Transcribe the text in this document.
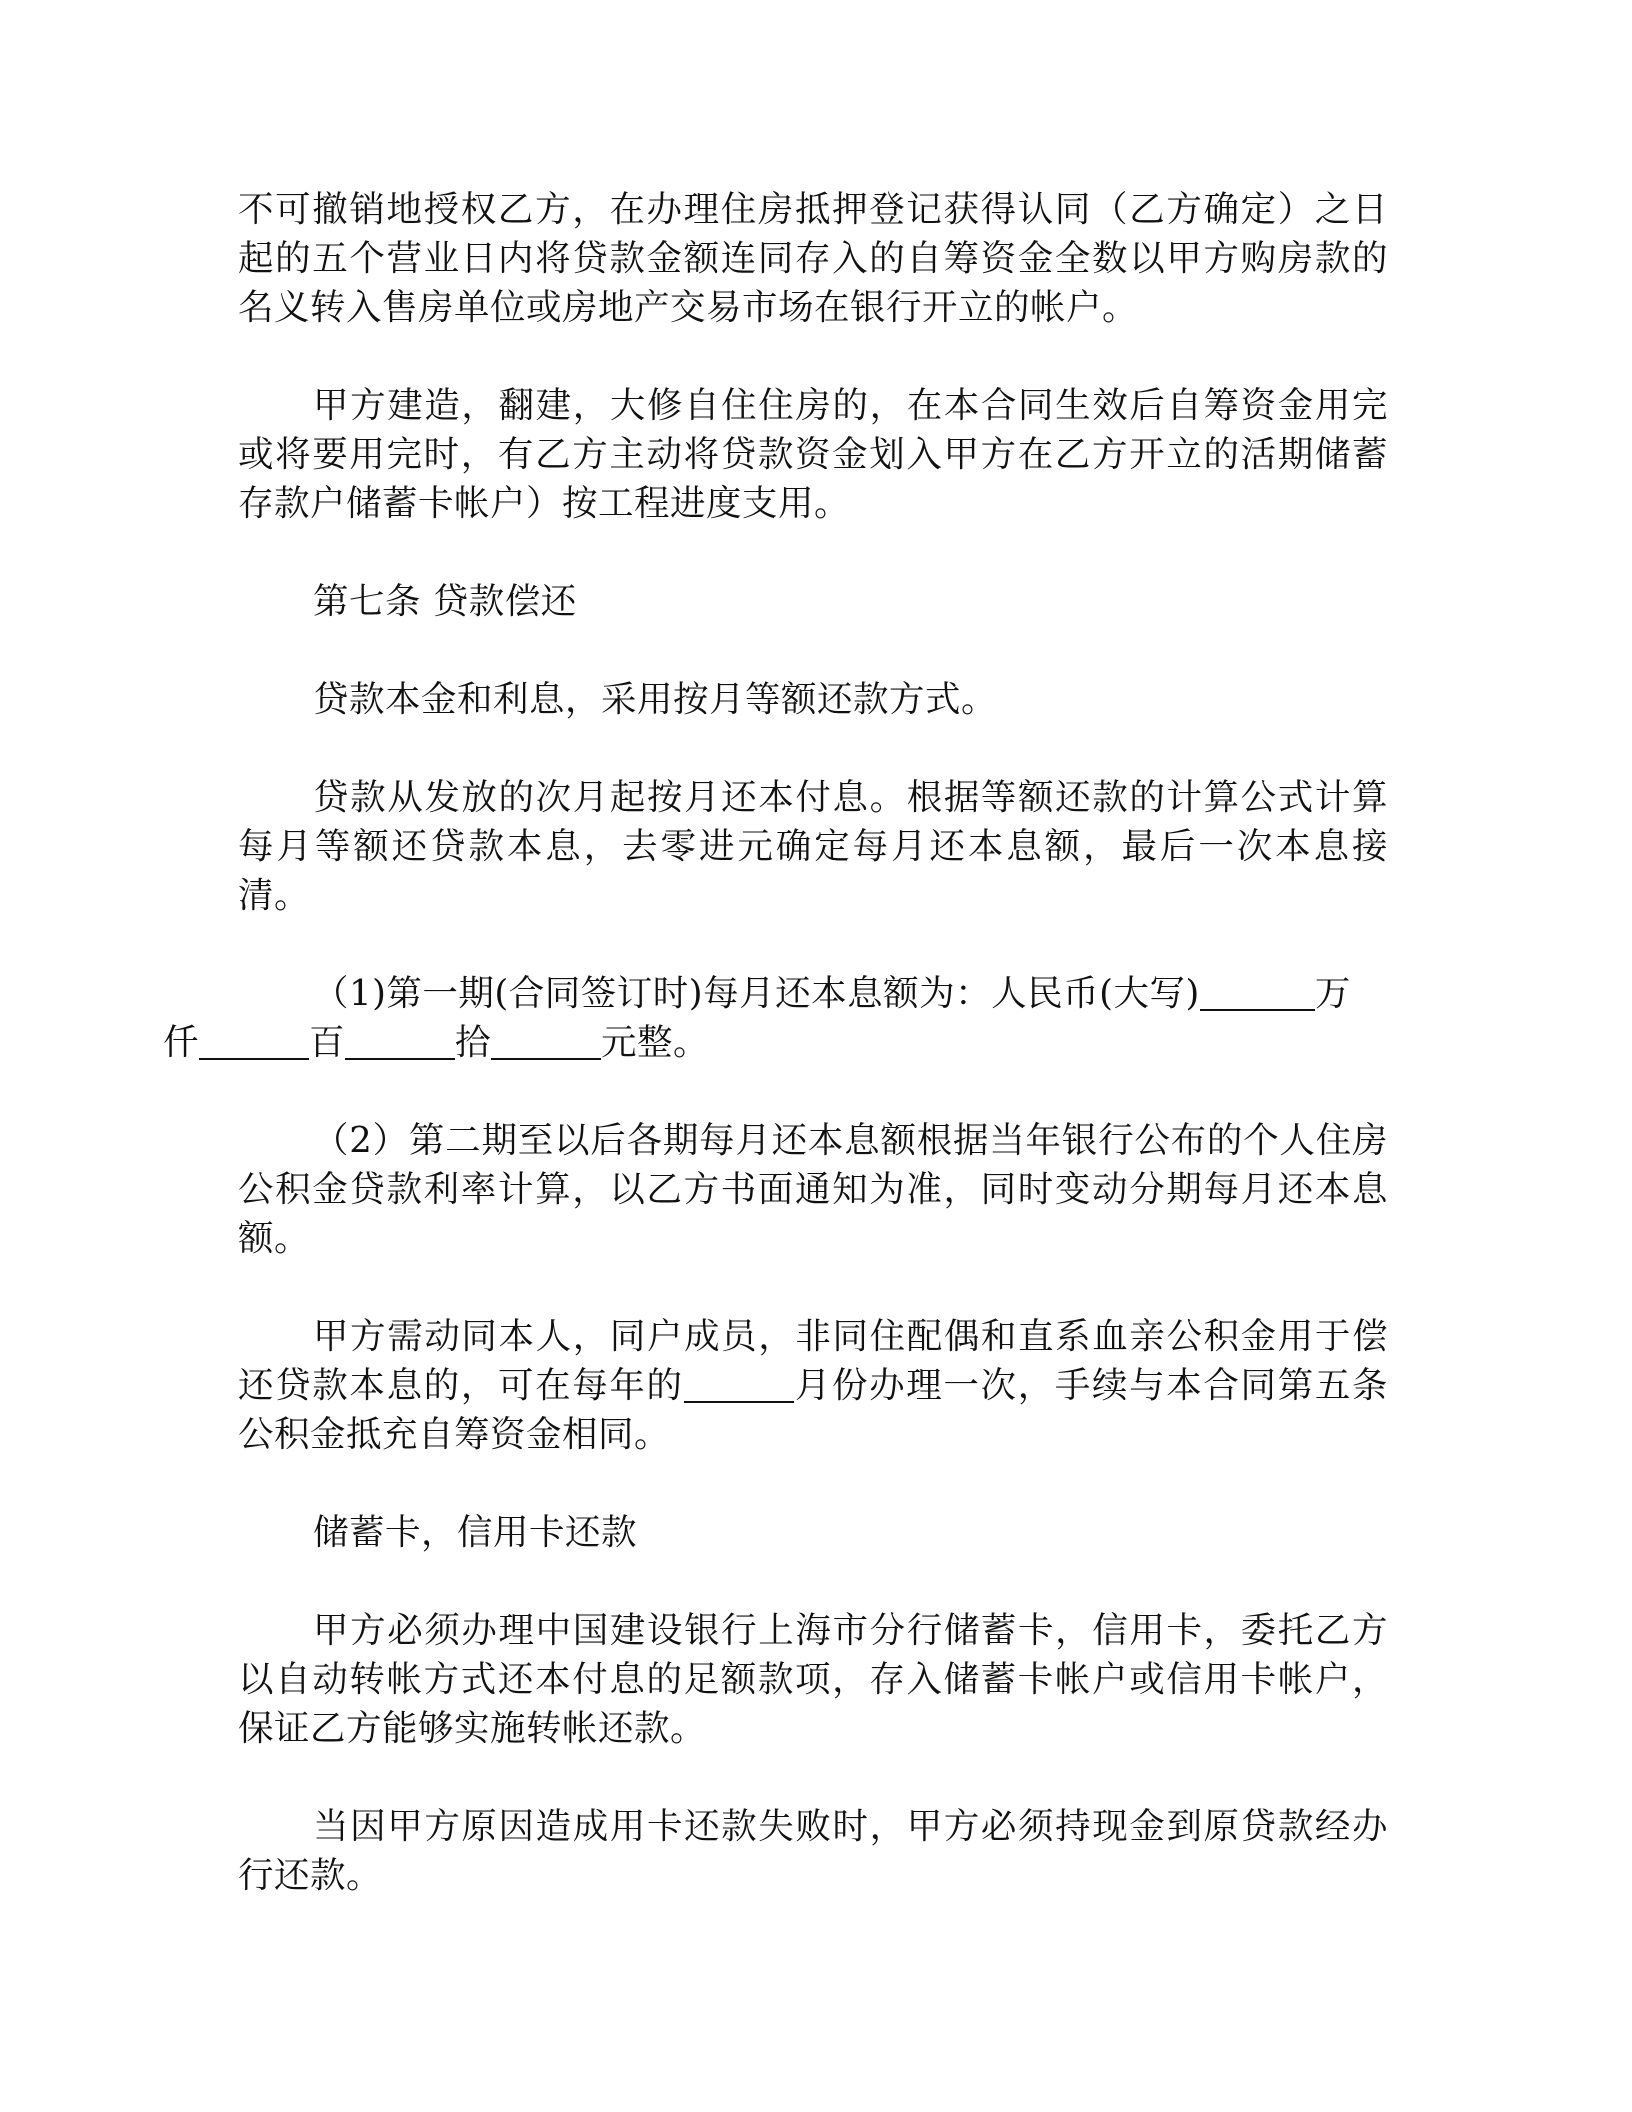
不可撤销地授权乙方，在办理住房抵押登记获得认同（乙方确定）之日起的五个营业日内将贷款金额连同存入的自筹资金全数以甲方购房款的名义转入售房单位或房地产交易市场在银行开立的帐户。

甲方建造，翻建，大修自住住房的，在本合同生效后自筹资金用完或将要用完时，有乙方主动将贷款资金划入甲方在乙方开立的活期储蓄存款户储蓄卡帐户）按工程进度支用。

第七条 贷款偿还

贷款本金和利息，采用按月等额还款方式。

贷款从发放的次月起按月还本付息。根据等额还款的计算公式计算每月等额还贷款本息，去零进元确定每月还本息额，最后一次本息接清。

（1)第一期(合同签订时)每月还本息额为：人民币(大写)	万
仟	百	拾	元整。

（2）第二期至以后各期每月还本息额根据当年银行公布的个人住房公积金贷款利率计算，以乙方书面通知为准，同时变动分期每月还本息额。

甲方需动同本人，同户成员，非同住配偶和直系血亲公积金用于偿还贷款本息的，可在每年的	月份办理一次，手续与本合同第五条公积金抵充自筹资金相同。

储蓄卡，信用卡还款

甲方必须办理中国建设银行上海市分行储蓄卡，信用卡，委托乙方以自动转帐方式还本付息的足额款项，存入储蓄卡帐户或信用卡帐户，保证乙方能够实施转帐还款。

当因甲方原因造成用卡还款失败时，甲方必须持现金到原贷款经办行还款。
